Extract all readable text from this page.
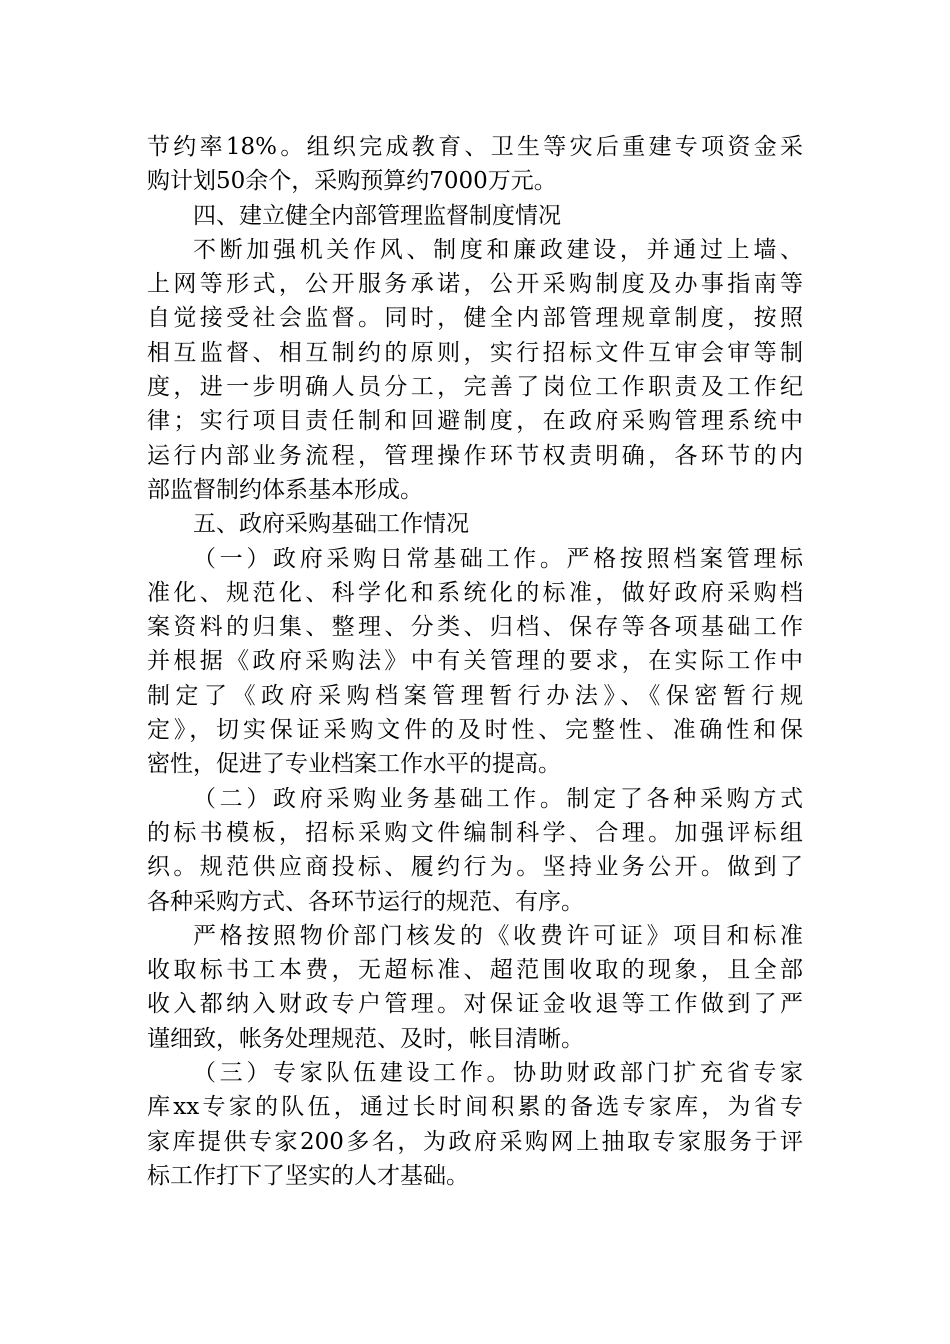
节约率18%。组织完成教育、卫生等灾后重建专项资金采
购计划50余个，采购预算约7000万元。
四、建立健全内部管理监督制度情况
不断加强机关作风、制度和廉政建设，并通过上墙、
上网等形式，公开服务承诺，公开采购制度及办事指南等
自觉接受社会监督。同时，健全内部管理规章制度，按照
相互监督、相互制约的原则，实行招标文件互审会审等制
度，进一步明确人员分工，完善了岗位工作职责及工作纪
律；实行项目责任制和回避制度，在政府采购管理系统中
运行内部业务流程，管理操作环节权责明确，各环节的内
部监督制约体系基本形成。
五、政府采购基础工作情况
（一）政府采购日常基础工作。严格按照档案管理标
准化、规范化、科学化和系统化的标准，做好政府采购档
案资料的归集、整理、分类、归档、保存等各项基础工作
并根据《政府采购法》中有关管理的要求，在实际工作中
制定了《政府采购档案管理暂行办法》、《保密暂行规
定》，切实保证采购文件的及时性、完整性、准确性和保
密性，促进了专业档案工作水平的提高。
（二）政府采购业务基础工作。制定了各种采购方式
的标书模板，招标采购文件编制科学、合理。加强评标组
织。规范供应商投标、履约行为。坚持业务公开。做到了
各种采购方式、各环节运行的规范、有序。
严格按照物价部门核发的《收费许可证》项目和标准
收取标书工本费，无超标准、超范围收取的现象，且全部
收入都纳入财政专户管理。对保证金收退等工作做到了严
谨细致，帐务处理规范、及时，帐目清晰。
（三）专家队伍建设工作。协助财政部门扩充省专家
库xx专家的队伍，通过长时间积累的备选专家库，为省专
家库提供专家200多名，为政府采购网上抽取专家服务于评
标工作打下了坚实的人才基础。
